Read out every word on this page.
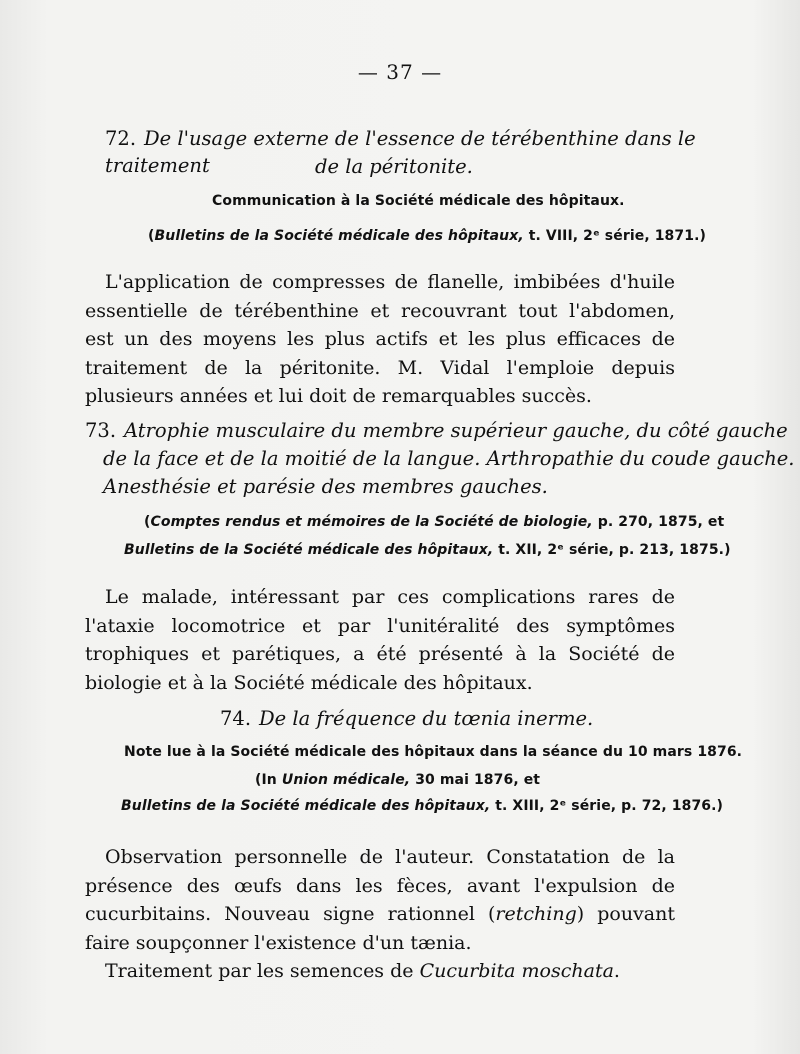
— 37 —
72. De l'usage externe de l'essence de térébenthine dans le traitement	de la péritonite.
Communication à la Société médicale des hôpitaux.
(Bulletins de la Société médicale des hôpitaux, t. VIII, 2ᵉ série, 1871.)

L'application de compresses de flanelle, imbibées d'huile essentielle de térébenthine et recouvrant tout l'abdomen, est un des moyens les plus actifs et les plus efficaces de traitement de la péritonite. M. Vidal l'emploie depuis plusieurs années et lui doit de remarquables succès.

73. Atrophie musculaire du membre supérieur gauche, du côté gauche
de la face et de la moitié de la langue. Arthropathie du coude gauche.
Anesthésie et parésie des membres gauches.
(Comptes rendus et mémoires de la Société de biologie, p. 270, 1875, et
Bulletins de la Société médicale des hôpitaux, t. XII, 2ᵉ série, p. 213, 1875.)

Le malade, intéressant par ces complications rares de l'ataxie locomotrice et par l'unitéralité des symptômes trophiques et parétiques, a été présenté à la Société de biologie et à la Société médicale des hôpitaux.

74. De la fréquence du tœnia inerme.
Note lue à la Société médicale des hôpitaux dans la séance du 10 mars 1876.
(In Union médicale, 30 mai 1876, et
Bulletins de la Société médicale des hôpitaux, t. XIII, 2ᵉ série, p. 72, 1876.)

Observation personnelle de l'auteur. Constatation de la présence des œufs dans les fèces, avant l'expulsion de cucurbitains. Nouveau signe rationnel (retching) pouvant faire soupçonner l'existence d'un tænia.

Traitement par les semences de Cucurbita moschata.
